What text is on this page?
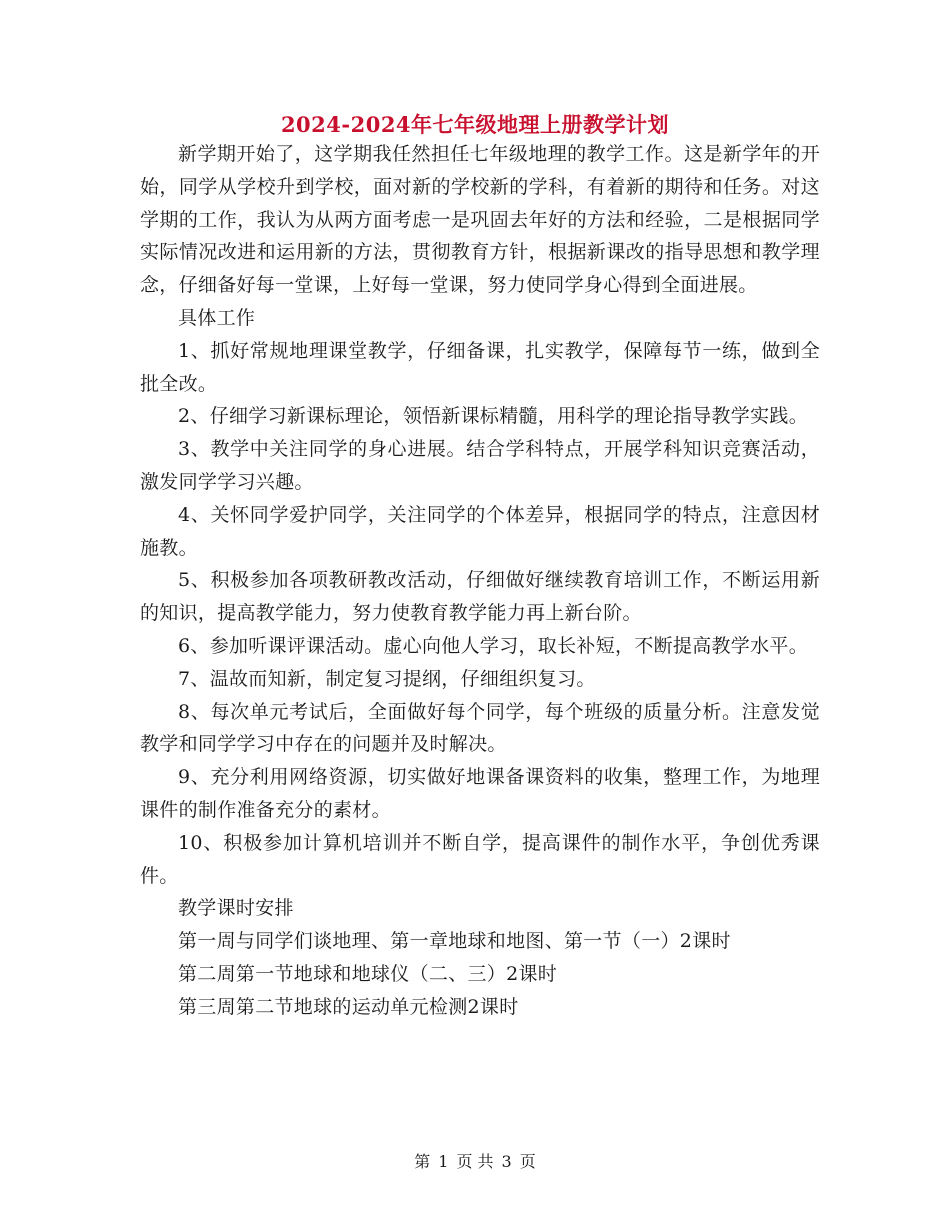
2024-2024年七年级地理上册教学计划

新学期开始了，这学期我任然担任七年级地理的教学工作。这是新学年的开始，同学从学校升到学校，面对新的学校新的学科，有着新的期待和任务。对这学期的工作，我认为从两方面考虑一是巩固去年好的方法和经验，二是根据同学实际情况改进和运用新的方法，贯彻教育方针，根据新课改的指导思想和教学理念，仔细备好每一堂课，上好每一堂课，努力使同学身心得到全面进展。

具体工作

1、抓好常规地理课堂教学，仔细备课，扎实教学，保障每节一练，做到全批全改。

2、仔细学习新课标理论，领悟新课标精髓，用科学的理论指导教学实践。

3、教学中关注同学的身心进展。结合学科特点，开展学科知识竞赛活动，激发同学学习兴趣。

4、关怀同学爱护同学，关注同学的个体差异，根据同学的特点，注意因材施教。

5、积极参加各项教研教改活动，仔细做好继续教育培训工作，不断运用新的知识，提高教学能力，努力使教育教学能力再上新台阶。

6、参加听课评课活动。虚心向他人学习，取长补短，不断提高教学水平。

7、温故而知新，制定复习提纲，仔细组织复习。

8、每次单元考试后，全面做好每个同学，每个班级的质量分析。注意发觉教学和同学学习中存在的问题并及时解决。

9、充分利用网络资源，切实做好地课备课资料的收集，整理工作，为地理课件的制作准备充分的素材。

10、积极参加计算机培训并不断自学，提高课件的制作水平，争创优秀课件。

教学课时安排

第一周与同学们谈地理、第一章地球和地图、第一节（一）2课时

第二周第一节地球和地球仪（二、三）2课时

第三周第二节地球的运动单元检测2课时

第 1 页 共 3 页
